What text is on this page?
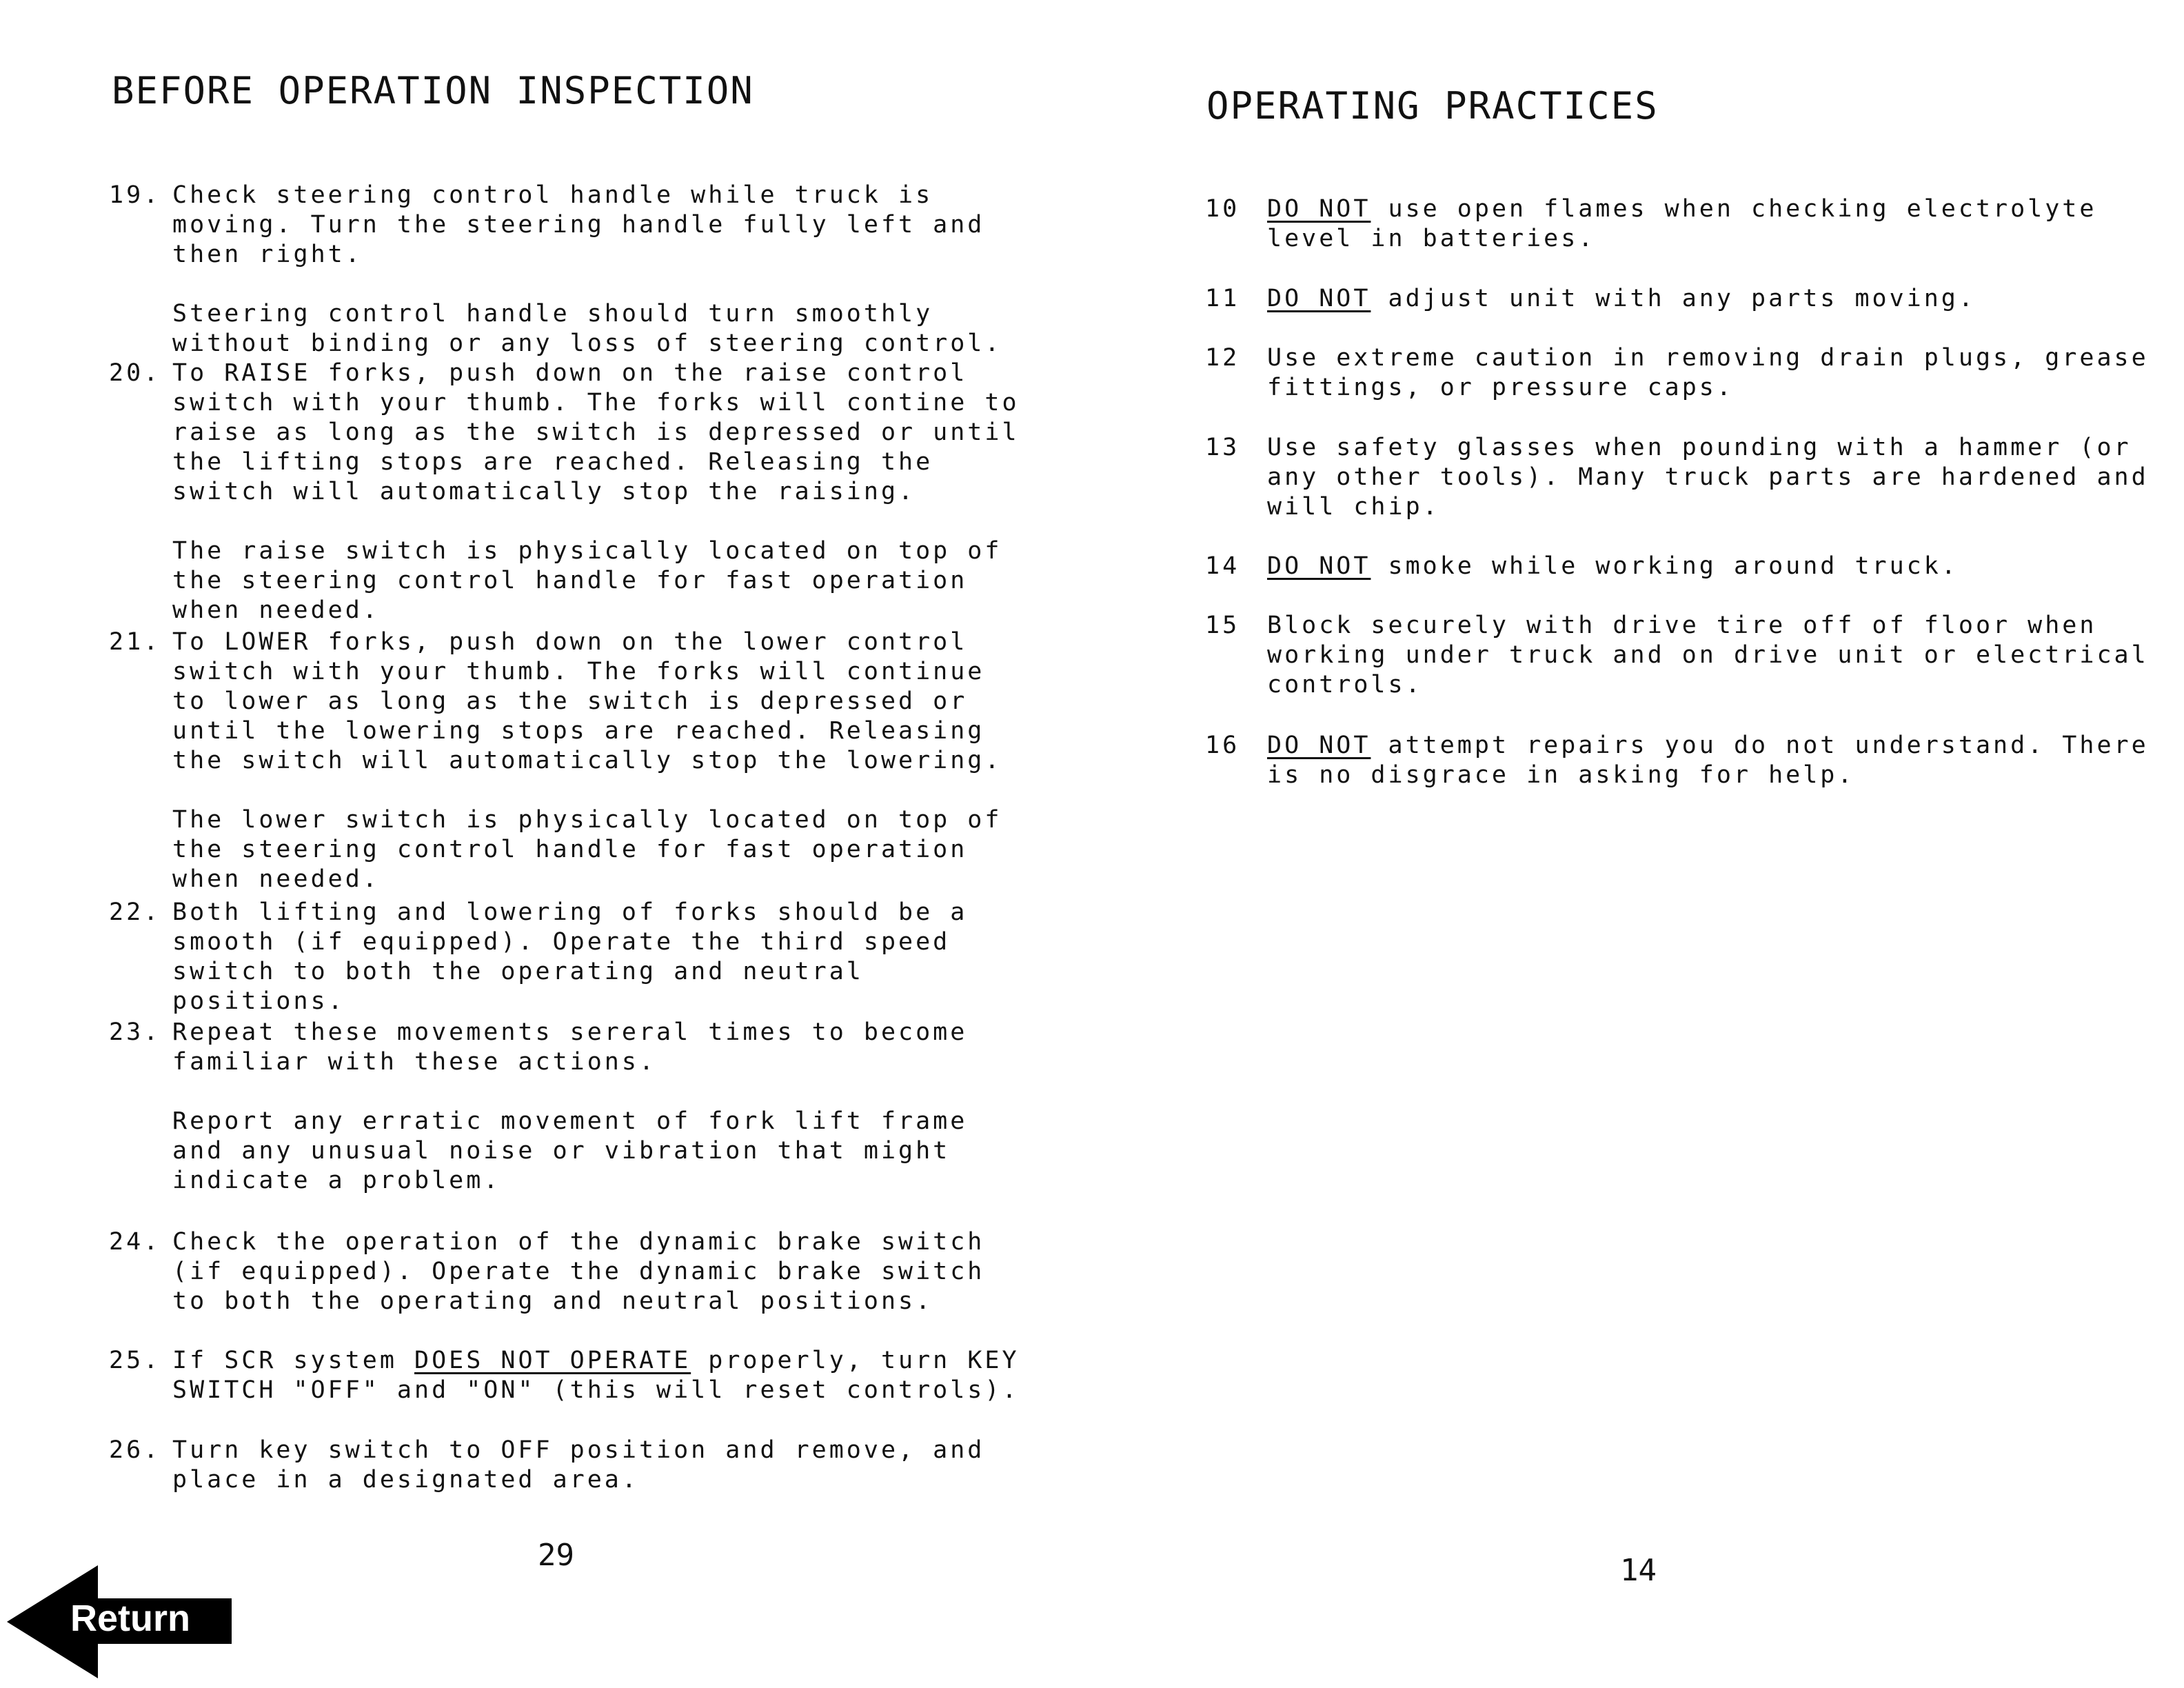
BEFORE OPERATION INSPECTION
19. Check steering control handle while truck is moving. Turn the steering handle fully left and then right.

Steering control handle should turn smoothly without binding or any loss of steering control.

20. To RAISE forks, push down on the raise control switch with your thumb. The forks will contine to raise as long as the switch is depressed or until the lifting stops are reached. Releasing the switch will automatically stop the raising.

The raise switch is physically located on top of the steering control handle for fast operation when needed.

21. To LOWER forks, push down on the lower control switch with your thumb. The forks will continue to lower as long as the switch is depressed or until the lowering stops are reached. Releasing the switch will automatically stop the lowering.

The lower switch is physically located on top of the steering control handle for fast operation when needed.

22. Both lifting and lowering of forks should be a smooth (if equipped). Operate the third speed switch to both the operating and neutral positions.

23. Repeat these movements sereral times to become familiar with these actions.

Report any erratic movement of fork lift frame and any unusual noise or vibration that might indicate a problem.

24. Check the operation of the dynamic brake switch (if equipped). Operate the dynamic brake switch to both the operating and neutral positions.

25. If SCR system DOES NOT OPERATE properly, turn KEY SWITCH "OFF" and "ON" (this will reset controls).

26. Turn key switch to OFF position and remove, and place in a designated area.

29
Return
OPERATING PRACTICES
10 DO NOT use open flames when checking electrolyte level in batteries.

11 DO NOT adjust unit with any parts moving.

12 Use extreme caution in removing drain plugs, grease fittings, or pressure caps.

13 Use safety glasses when pounding with a hammer (or any other tools). Many truck parts are hardened and will chip.

14 DO NOT smoke while working around truck.

15 Block securely with drive tire off of floor when working under truck and on drive unit or electrical controls.

16 DO NOT attempt repairs you do not understand. There is no disgrace in asking for help.

14
